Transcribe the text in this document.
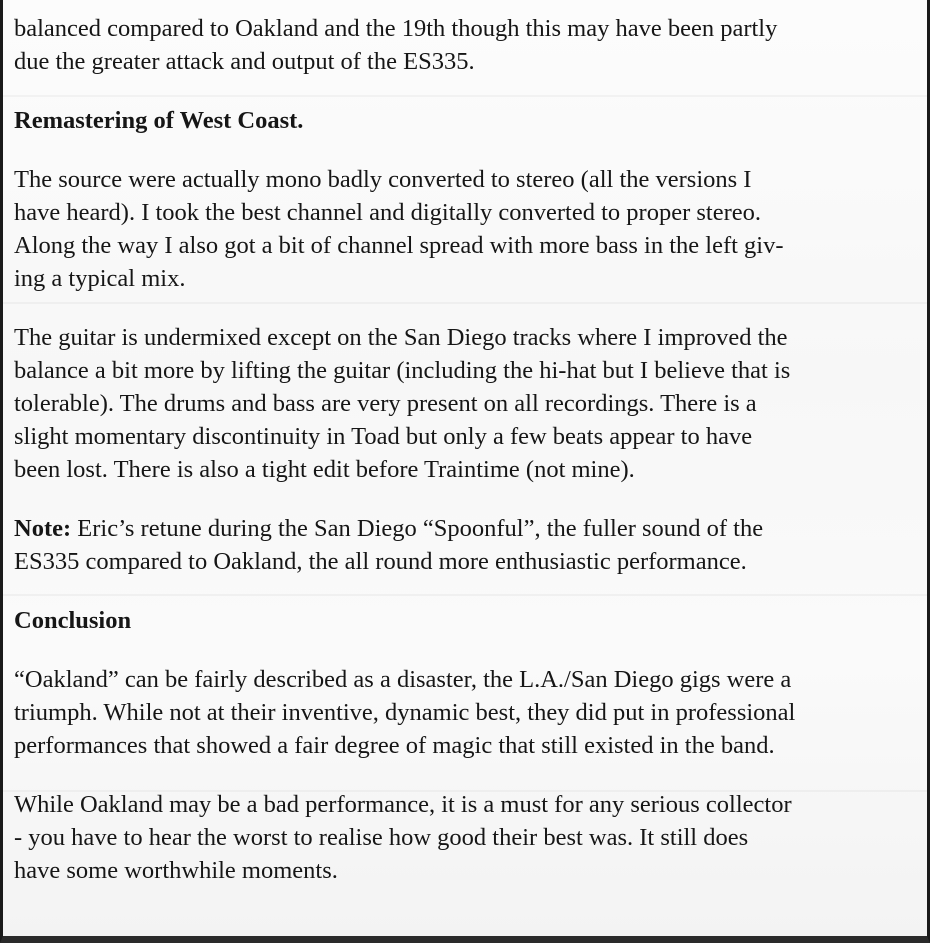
balanced compared to Oakland and the 19th though this may have been partly
due the greater attack and output of the ES335.

Remastering of West Coast.

The source were actually mono badly converted to stereo (all the versions I
have heard). I took the best channel and digitally converted to proper stereo.
Along the way I also got a bit of channel spread with more bass in the left giv-
ing a typical mix.

The guitar is undermixed except on the San Diego tracks where I improved the
balance a bit more by lifting the guitar (including the hi-hat but I believe that is
tolerable). The drums and bass are very present on all recordings. There is a
slight momentary discontinuity in Toad but only a few beats appear to have
been lost. There is also a tight edit before Traintime (not mine).

Note: Eric’s retune during the San Diego “Spoonful”, the fuller sound of the
ES335 compared to Oakland, the all round more enthusiastic performance.

Conclusion

“Oakland” can be fairly described as a disaster, the L.A./San Diego gigs were a
triumph. While not at their inventive, dynamic best, they did put in professional
performances that showed a fair degree of magic that still existed in the band.

While Oakland may be a bad performance, it is a must for any serious collector
- you have to hear the worst to realise how good their best was. It still does
have some worthwhile moments.
